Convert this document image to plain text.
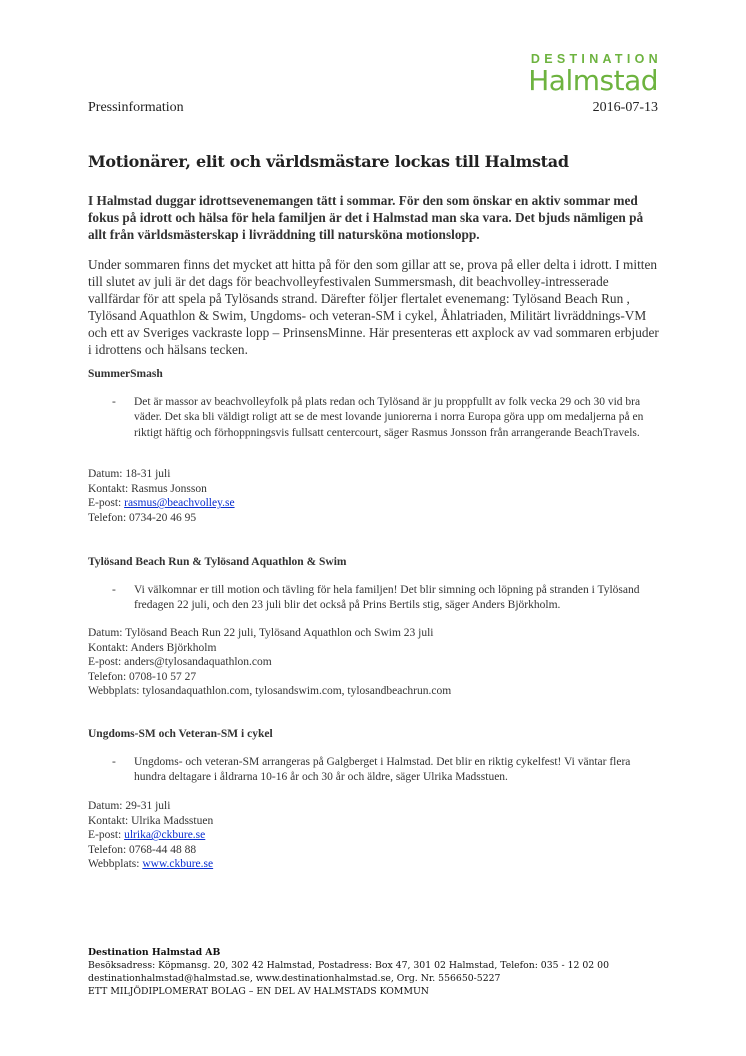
DESTINATION
Halmstad
Pressinformation	2016-07-13
Motionärer, elit och världsmästare lockas till Halmstad
I Halmstad duggar idrottsevenemangen tätt i sommar. För den som önskar en aktiv sommar med fokus på idrott och hälsa för hela familjen är det i Halmstad man ska vara. Det bjuds nämligen på allt från världsmästerskap i livräddning till natursköna motionslopp.
Under sommaren finns det mycket att hitta på för den som gillar att se, prova på eller delta i idrott. I mitten till slutet av juli är det dags för beachvolleyfestivalen Summersmash, dit beachvolley-intresserade vallfärdar för att spela på Tylösands strand. Därefter följer flertalet evenemang: Tylösand Beach Run , Tylösand Aquathlon & Swim, Ungdoms- och veteran-SM i cykel, Åhlatriaden, Militärt livräddnings-VM och ett av Sveriges vackraste lopp – PrinsensMinne. Här presenteras ett axplock av vad sommaren erbjuder i idrottens och hälsans tecken.
SummerSmash
- Det är massor av beachvolleyfolk på plats redan och Tylösand är ju proppfullt av folk vecka 29 och 30 vid bra väder. Det ska bli väldigt roligt att se de mest lovande juniorerna i norra Europa göra upp om medaljerna på en riktigt häftig och förhoppningsvis fullsatt centercourt, säger Rasmus Jonsson från arrangerande BeachTravels.
Datum: 18-31 juli
Kontakt: Rasmus Jonsson
E-post: rasmus@beachvolley.se
Telefon: 0734-20 46 95
Tylösand Beach Run & Tylösand Aquathlon & Swim
- Vi välkomnar er till motion och tävling för hela familjen! Det blir simning och löpning på stranden i Tylösand fredagen 22 juli, och den 23 juli blir det också på Prins Bertils stig, säger Anders Björkholm.
Datum: Tylösand Beach Run 22 juli, Tylösand Aquathlon och Swim 23 juli
Kontakt: Anders Björkholm
E-post: anders@tylosandaquathlon.com
Telefon: 0708-10 57 27
Webbplats: tylosandaquathlon.com, tylosandswim.com, tylosandbeachrun.com
Ungdoms-SM och Veteran-SM i cykel
- Ungdoms- och veteran-SM arrangeras på Galgberget i Halmstad. Det blir en riktig cykelfest! Vi väntar flera hundra deltagare i åldrarna 10-16 år och 30 år och äldre, säger Ulrika Madsstuen.
Datum: 29-31 juli
Kontakt: Ulrika Madsstuen
E-post: ulrika@ckbure.se
Telefon: 0768-44 48 88
Webbplats: www.ckbure.se
Destination Halmstad AB
Besöksadress: Köpmansg. 20, 302 42 Halmstad, Postadress: Box 47, 301 02 Halmstad, Telefon: 035 - 12 02 00
destinationhalmstad@halmstad.se, www.destinationhalmstad.se, Org. Nr. 556650-5227
ETT MILJÖDIPLOMERAT BOLAG – EN DEL AV HALMSTADS KOMMUN
